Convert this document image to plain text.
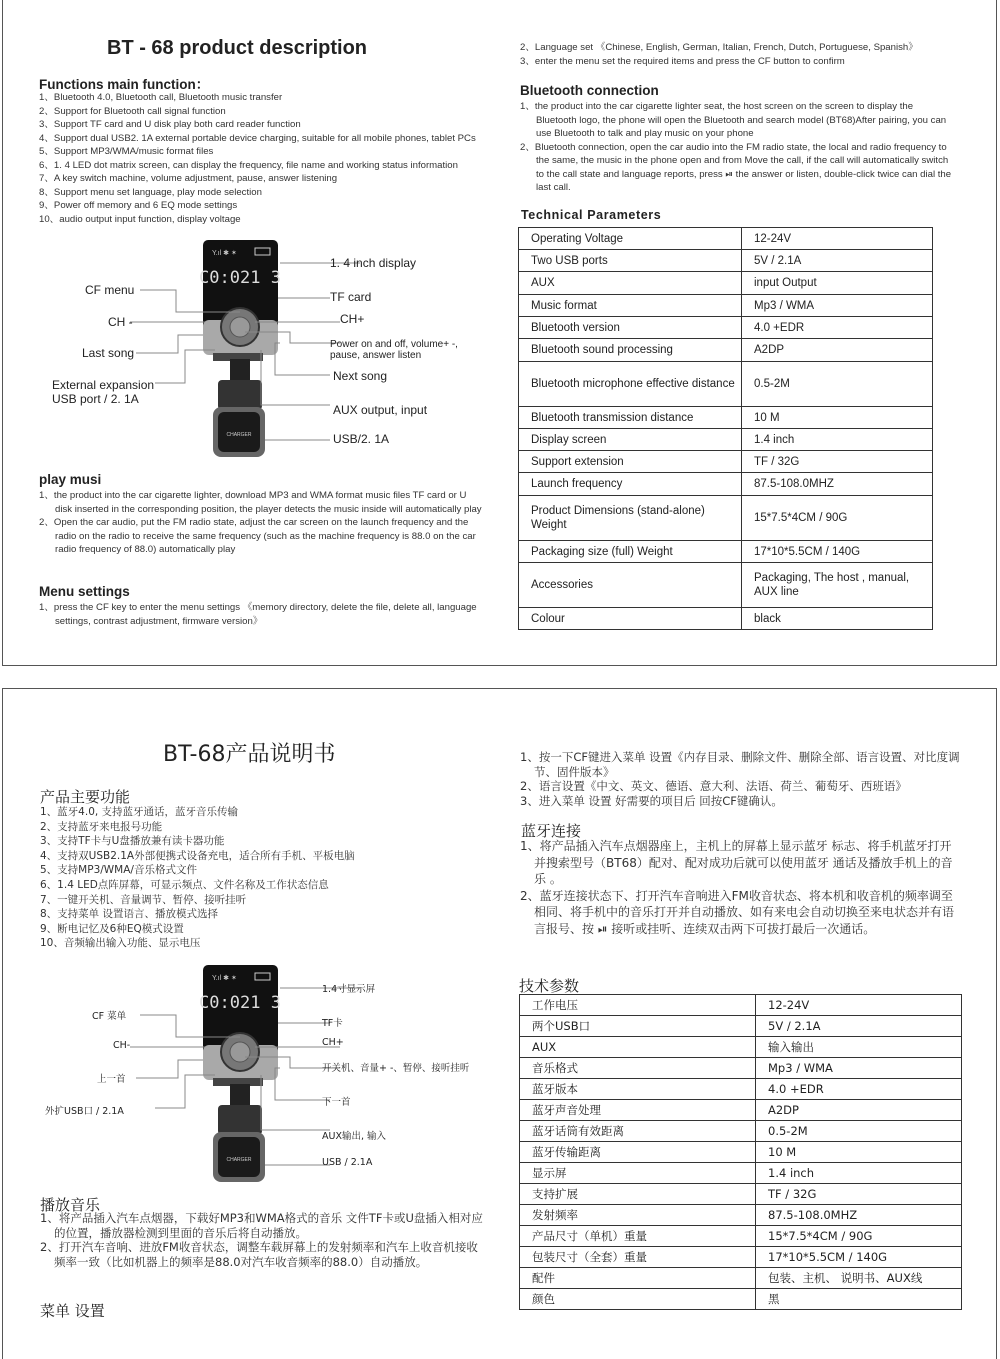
BT - 68 product description
Functions main function：
1、Bluetooth 4.0, Bluetooth call, Bluetooth music transfer
2、Support for Bluetooth call signal function
3、Support TF card and U disk play both card reader function
4、Support dual USB2. 1A external portable device charging, suitable for all mobile phones, tablet PCs
5、Support MP3/WMA/music format files
6、1. 4 LED dot matrix screen, can display the frequency, file name and working status information
7、A key switch machine, volume adjustment, pause, answer listening
8、Support menu set language, play mode selection
9、Power off memory and 6 EQ mode settings
10、audio output input function, display voltage
CHARGER
C0:021 3
Y.ıl ✱ ✶
1. 4 inch display
CF menu	TF card
CH -	CH+
Power on and off, volume+ -,
pause, answer listen
Last song
Next song
External expansion
USB port / 2. 1A
AUX output, input
USB/2. 1A
play musi
1、the product into the car cigarette lighter, download MP3 and WMA format music files TF card or U disk inserted in the corresponding position, the player detects the music inside will automatically play
2、Open the car audio, put the FM radio state, adjust the car screen on the launch frequency and the radio on the radio to receive the same frequency (such as the machine frequency is 88.0 on the car radio frequency of 88.0) automatically play
Menu settings
1、press the CF key to enter the menu settings 《memory directory, delete the file, delete all, language settings, contrast adjustment, firmware version》
2、Language set 《Chinese, English, German, Italian, French, Dutch, Portuguese, Spanish》
3、enter the menu set the required items and press the CF button to confirm
Bluetooth connection
1、the product into the car cigarette lighter seat, the host screen on the screen to display the Bluetooth logo, the phone will open the Bluetooth and search model (BT68)After pairing, you can use Bluetooth to talk and play music on your phone
2、Bluetooth connection, open the car audio into the FM radio state, the local and radio frequency to the same, the music in the phone open and from Move the call, if the call will automatically switch to the call state and language reports, press ⏯ the answer or listen, double-click twice can dial the last call.
Technical Parameters
Operating Voltage	12-24V
Two USB ports	5V / 2.1A
AUX	input Output
Music format	Mp3 / WMA
Bluetooth version	4.0 +EDR
Bluetooth sound processing	A2DP
Bluetooth microphone effective distance	0.5-2M
Bluetooth transmission distance	10 M
Display screen	1.4 inch
Support extension	TF / 32G
Launch frequency	87.5-108.0MHZ
Product Dimensions (stand-alone) Weight	15*7.5*4CM / 90G
Packaging size (full) Weight	17*10*5.5CM / 140G
Accessories	Packaging, The host , manual, AUX line
Colour	black
BT-68产品说明书
产品主要功能
1、蓝牙4.0, 支持蓝牙通话，蓝牙音乐传输
2、支持蓝牙来电报号功能
3、支持TF卡与U盘播放兼有读卡器功能
4、支持双USB2.1A外部便携式设备充电，适合所有手机、平板电脑
5、支持MP3/WMA/音乐格式文件
6、1.4 LED点阵屏幕，可显示频点、文件名称及工作状态信息
7、一键开关机、音量调节、暂停、接听挂听
8、支持菜单 设置语言、播放模式选择
9、断电记忆及6种EQ模式设置
10、音频输出输入功能、显示电压
CHARGER
C0:021 3
Y.ıl ✱ ✶
1.4寸显示屏
CF 菜单
TF卡
CH-	CH+
开关机、音量+ -、暂停、接听挂听
上一首
下一首
外扩USB口 / 2.1A
AUX输出, 输入
USB / 2.1A
播放音乐
1、将产品插入汽车点烟器，下载好MP3和WMA格式的音乐 文件TF卡或U盘插入相对应的位置，播放器检测到里面的音乐后将自动播放。
2、打开汽车音响、进放FM收音状态，调整车载屏幕上的发射频率和汽车上收音机接收频率一致（比如机器上的频率是88.0对汽车收音频率的88.0）自动播放。
菜单 设置
1、按一下CF键进入菜单 设置《内存目录、删除文件、删除全部、语言设置、对比度调节、固件版本》
2、语言设置《中文、英文、德语、意大利、法语、荷兰、葡萄牙、西班语》
3、进入菜单 设置 好需要的项目后 回按CF键确认。
蓝牙连接
1、将产品插入汽车点烟器座上，主机上的屏幕上显示蓝牙 标志、将手机蓝牙打开并搜索型号（BT68）配对、配对成功后就可以使用蓝牙 通话及播放手机上的音乐 。
2、蓝牙连接状态下、打开汽车音响进入FM收音状态、将本机和收音机的频率调至相同、将手机中的音乐打开并自动播放、如有来电会自动切换至来电状态并有语言报号、按 ⏯ 接听或挂听、连续双击两下可拔打最后一次通话。
技术参数
工作电压	12-24V
两个USB口	5V / 2.1A
AUX	输入输出
音乐格式	Mp3 / WMA
蓝牙版本	4.0 +EDR
蓝牙声音处理	A2DP
蓝牙话筒有效距离	0.5-2M
蓝牙传输距离	10 M
显示屏	1.4 inch
支持扩展	TF / 32G
发射频率	87.5-108.0MHZ
产品尺寸（单机）重量	15*7.5*4CM / 90G
包装尺寸（全套）重量	17*10*5.5CM / 140G
配件	包装、主机、 说明书、AUX线
颜色	黑
